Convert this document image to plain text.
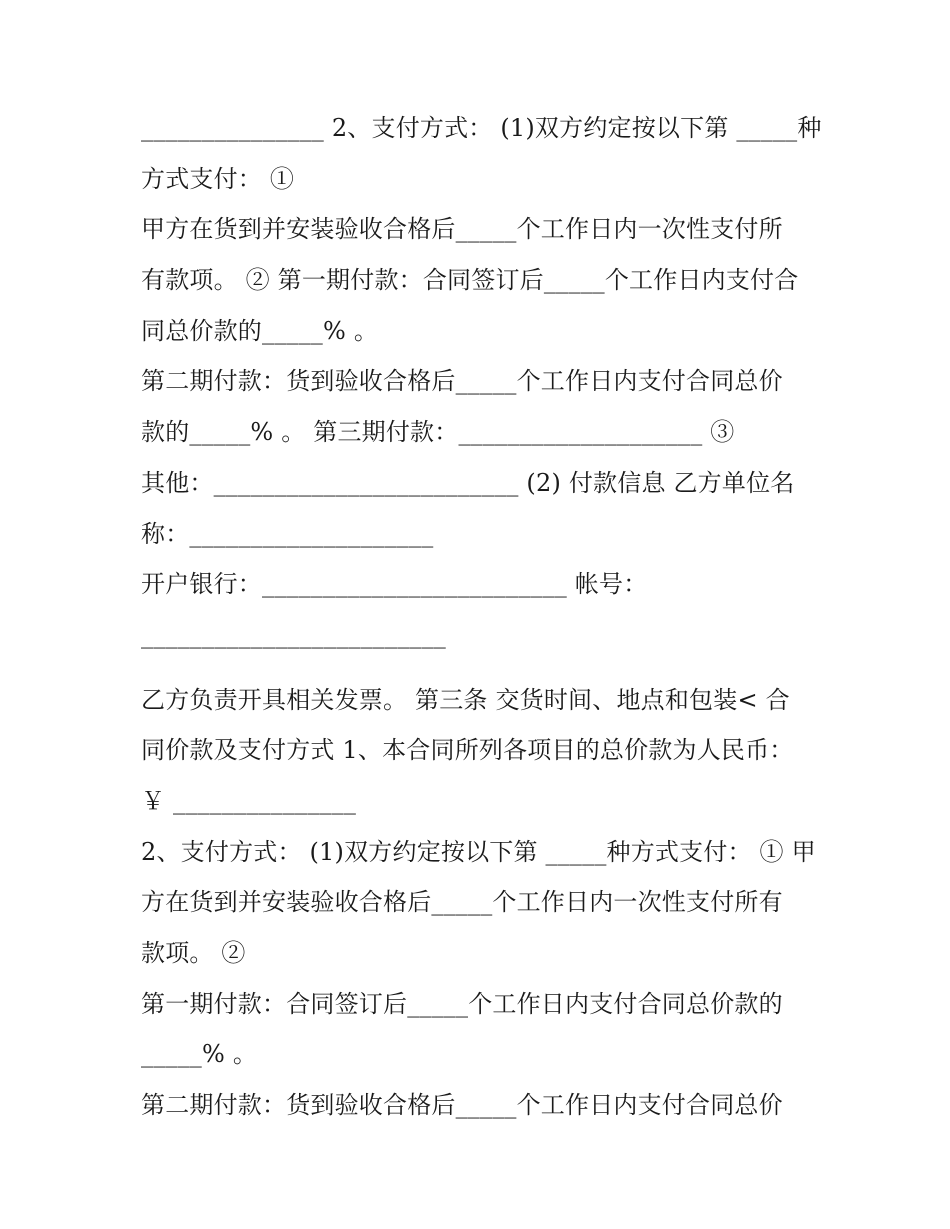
_______________ 2、支付方式： (1)双方约定按以下第 _____种
方式支付： ①
甲方在货到并安装验收合格后_____个工作日内一次性支付所
有款项。 ② 第一期付款：合同签订后_____个工作日内支付合
同总价款的_____% 。
第二期付款：货到验收合格后_____个工作日内支付合同总价
款的_____% 。 第三期付款：____________________ ③
其他：_________________________ (2) 付款信息 乙方单位名
称：____________________
开户银行：_________________________ 帐号：
_________________________
乙方负责开具相关发票。 第三条 交货时间、地点和包装< 合
同价款及支付方式 1、本合同所列各项目的总价款为人民币：
￥ _______________
2、支付方式： (1)双方约定按以下第 _____种方式支付： ① 甲
方在货到并安装验收合格后_____个工作日内一次性支付所有
款项。 ②
第一期付款：合同签订后_____个工作日内支付合同总价款的
_____% 。
第二期付款：货到验收合格后_____个工作日内支付合同总价
